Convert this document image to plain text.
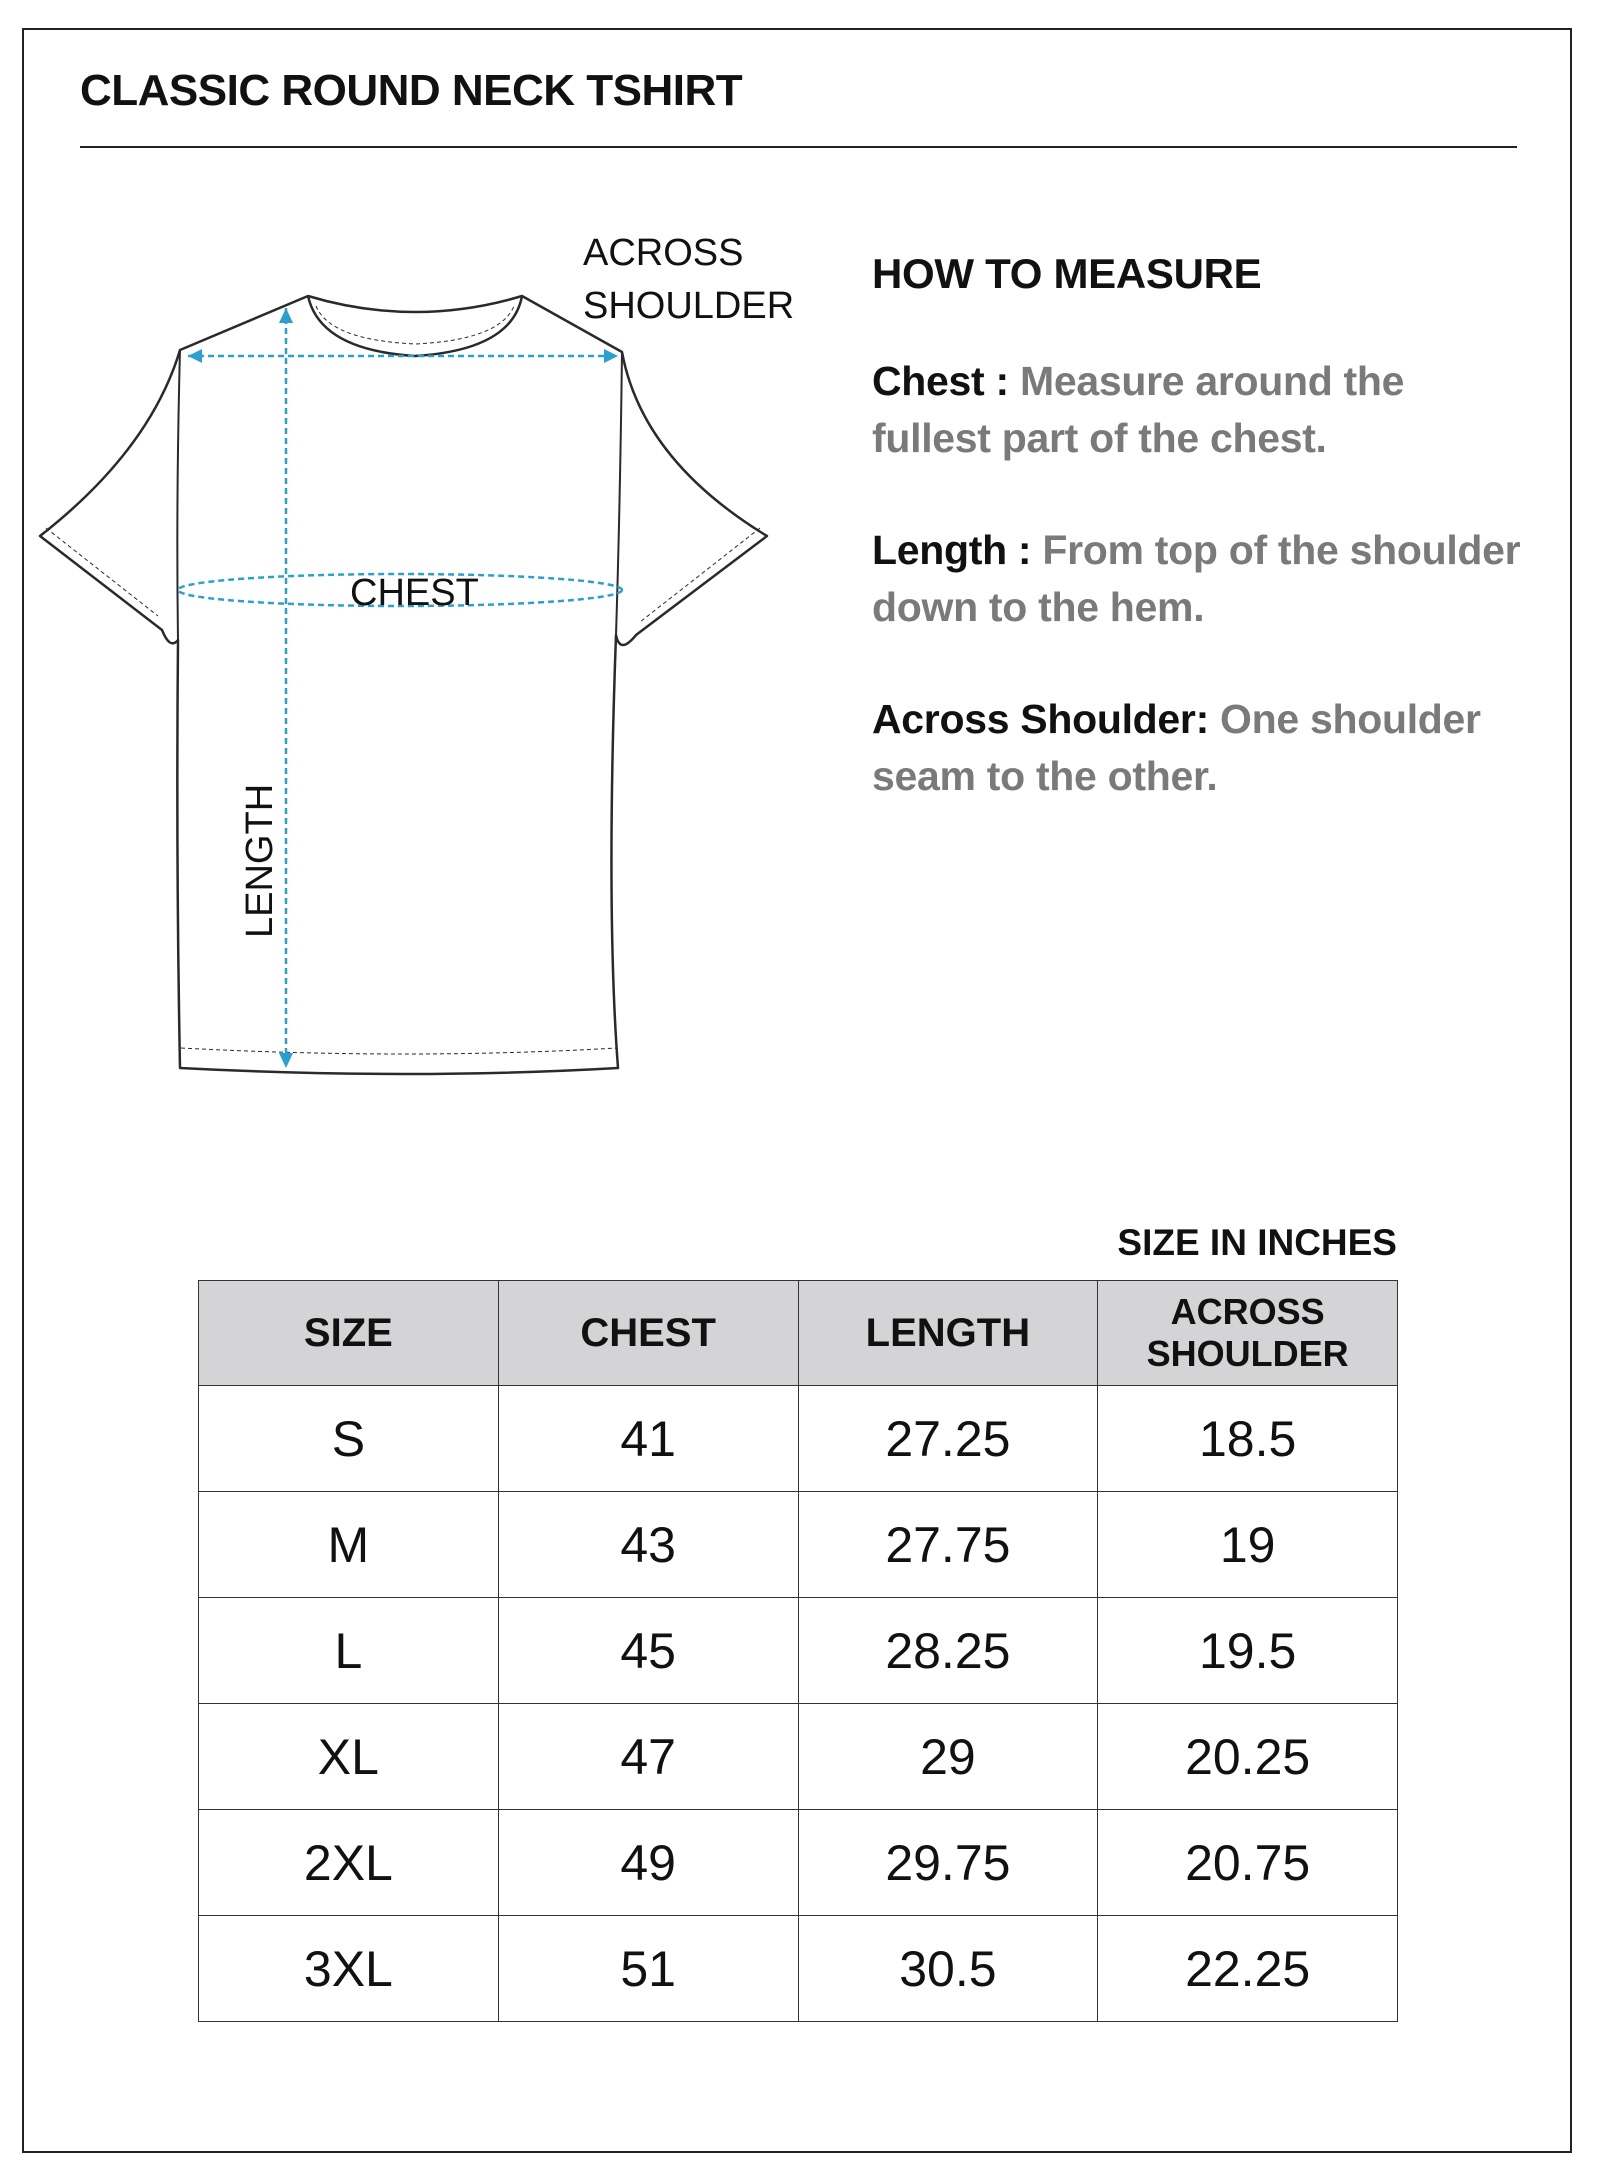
CLASSIC ROUND NECK TSHIRT
ACROSS
SHOULDER
CHEST
LENGTH
HOW TO MEASURE

Chest : Measure around the fullest part of the chest.

Length : From top of the shoulder down to the hem.

Across Shoulder: One shoulder seam to the other.

SIZE IN INCHES
SIZE	CHEST	LENGTH	ACROSS
SHOULDER
S	41	27.25	18.5
M	43	27.75	19
L	45	28.25	19.5
XL	47	29	20.25
2XL	49	29.75	20.75
3XL	51	30.5	22.25
